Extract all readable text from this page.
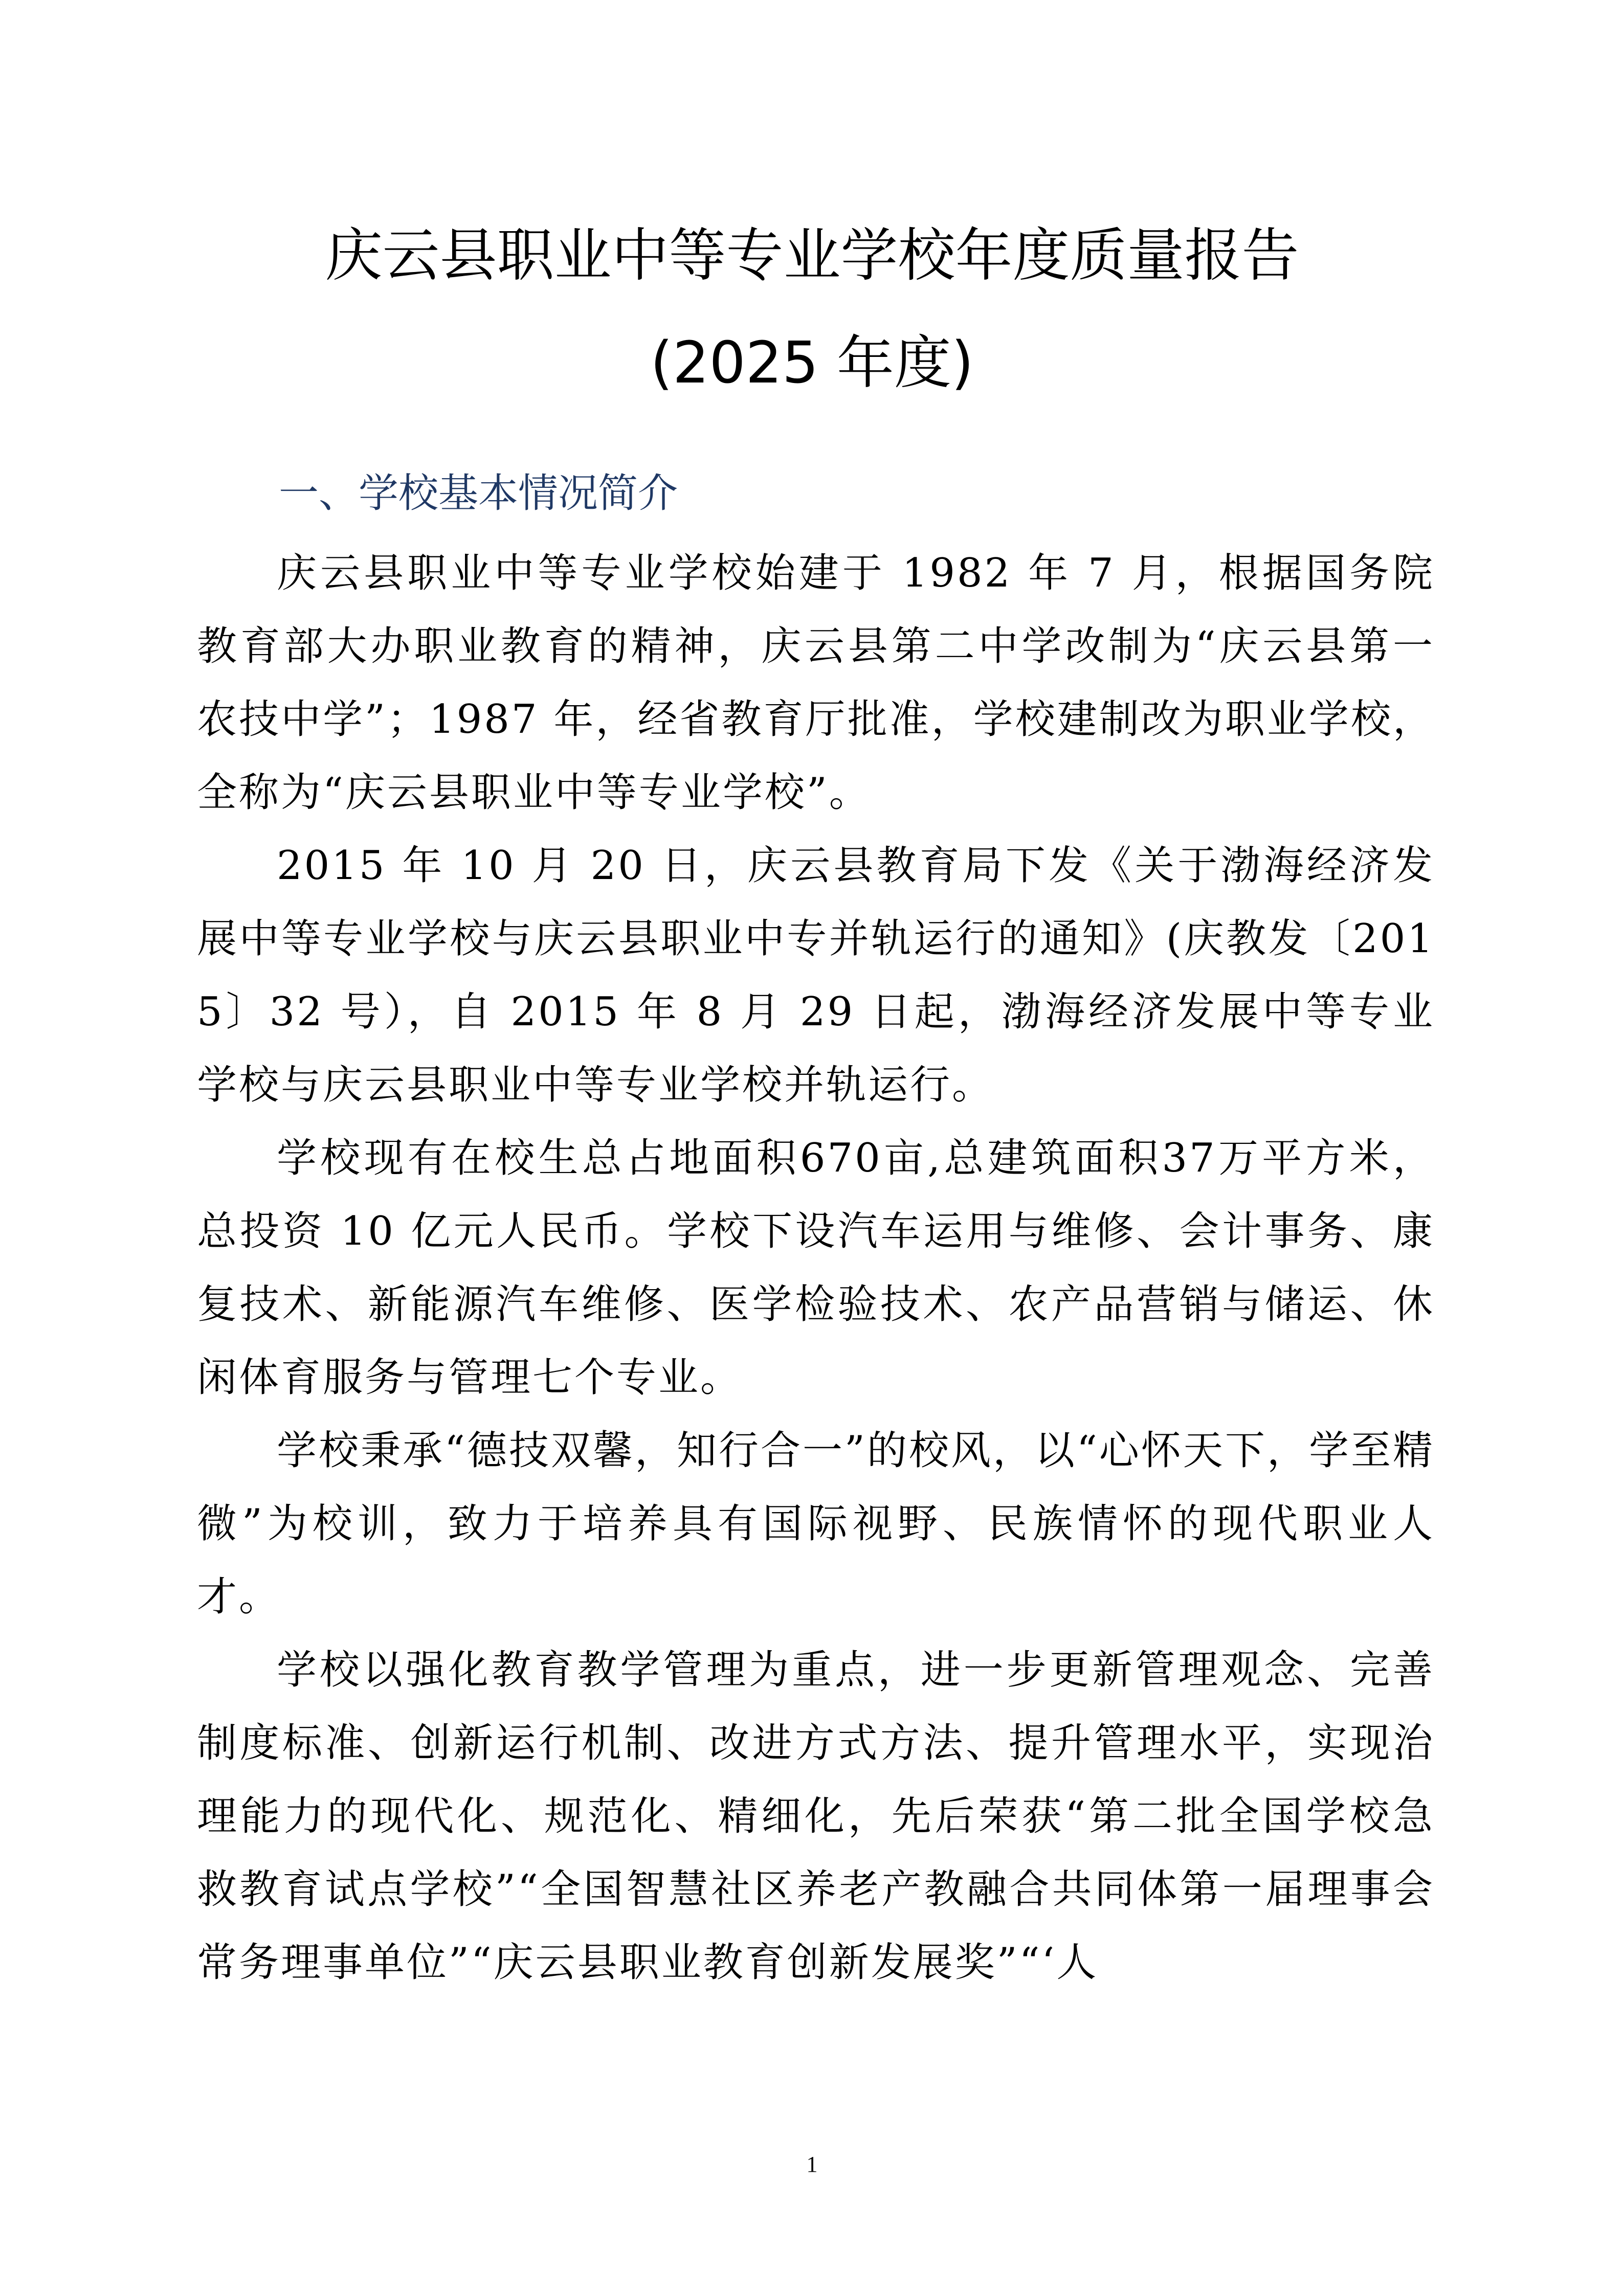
庆云县职业中等专业学校年度质量报告
(2025 年度)
一、学校基本情况简介

庆云县职业中等专业学校始建于 1982 年 7 月，根据国务院教育部大办职业教育的精神，庆云县第二中学改制为“庆云县第一农技中学”；1987 年，经省教育厅批准，学校建制改为职业学校，全称为“庆云县职业中等专业学校”。

2015 年 10 月 20 日，庆云县教育局下发《关于渤海经济发展中等专业学校与庆云县职业中专并轨运行的通知》(庆教发〔2015〕32 号），自 2015 年 8 月 29 日起，渤海经济发展中等专业学校与庆云县职业中等专业学校并轨运行。

学校现有在校生总占地面积670亩,总建筑面积37万平方米，总投资 10 亿元人民币。学校下设汽车运用与维修、会计事务、康复技术、新能源汽车维修、医学检验技术、农产品营销与储运、休闲体育服务与管理七个专业。

学校秉承“德技双馨，知行合一”的校风，以“心怀天下，学至精微”为校训，致力于培养具有国际视野、民族情怀的现代职业人才。

学校以强化教育教学管理为重点，进一步更新管理观念、完善制度标准、创新运行机制、改进方式方法、提升管理水平，实现治理能力的现代化、规范化、精细化，先后荣获“第二批全国学校急救教育试点学校”“全国智慧社区养老产教融合共同体第一届理事会常务理事单位”“庆云县职业教育创新发展奖”“‘人

1
